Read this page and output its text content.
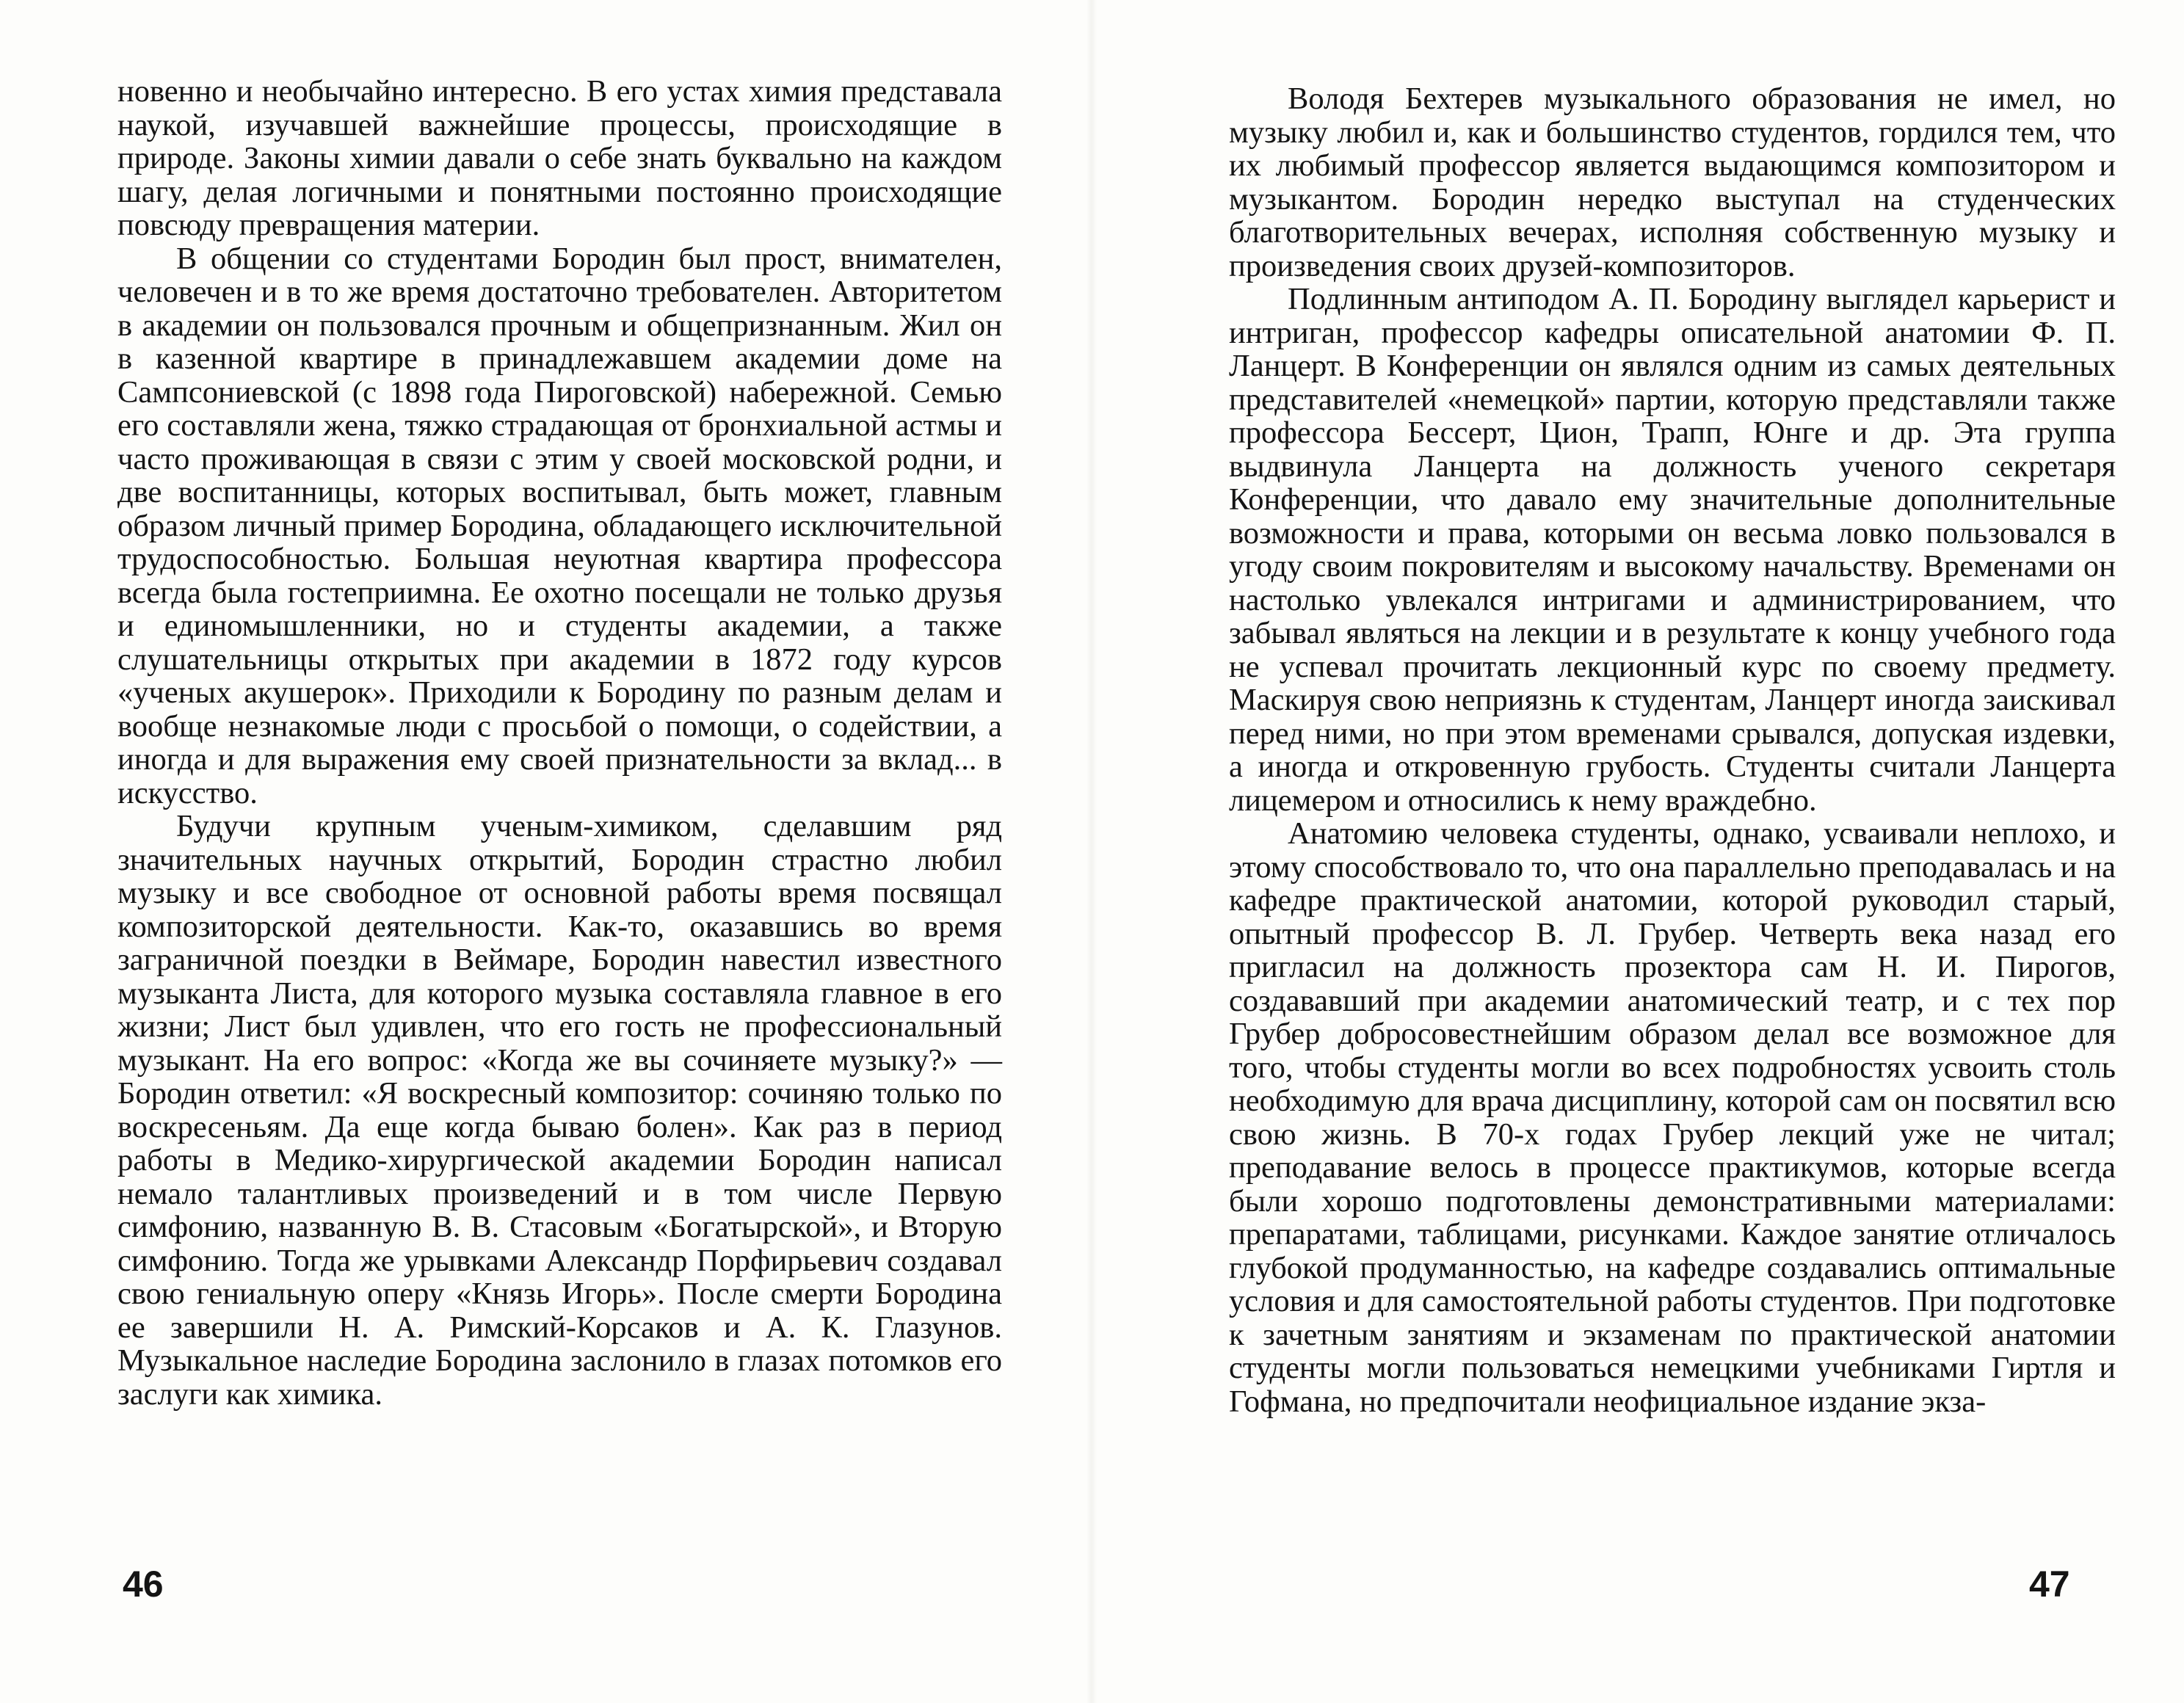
новенно и необычайно интересно. В его устах химия представала наукой, изучавшей важнейшие процессы, происходящие в природе. Законы химии давали о себе знать буквально на каждом шагу, делая логичными и понятными постоянно происходящие повсюду превращения материи.

В общении со студентами Бородин был прост, внимателен, человечен и в то же время достаточно требователен. Авторитетом в академии он пользовался прочным и общепризнанным. Жил он в казенной квартире в принадлежавшем академии доме на Сампсониевской (с 1898 года Пироговской) набережной. Семью его составляли жена, тяжко страдающая от бронхиальной астмы и часто проживающая в связи с этим у своей московской родни, и две воспитанницы, которых воспитывал, быть может, главным образом личный пример Бородина, обладающего исключительной трудоспособностью. Большая неуютная квартира профессора всегда была гостеприимна. Ее охотно посещали не только друзья и единомышленники, но и студенты академии, а также слушательницы открытых при академии в 1872 году курсов «ученых акушерок». Приходили к Бородину по разным делам и вообще незнакомые люди с просьбой о помощи, о содействии, а иногда и для выражения ему своей признательности за вклад... в искусство.

Будучи крупным ученым-химиком, сделавшим ряд значительных научных открытий, Бородин страстно любил музыку и все свободное от основной работы время посвящал композиторской деятельности. Как-то, оказавшись во время заграничной поездки в Веймаре, Бородин навестил известного музыканта Листа, для которого музыка составляла главное в его жизни; Лист был удивлен, что его гость не профессиональный музыкант. На его вопрос: «Когда же вы сочиняете музыку?» — Бородин ответил: «Я воскресный композитор: сочиняю только по воскресеньям. Да еще когда бываю болен». Как раз в период работы в Медико-хирургической академии Бородин написал немало талантливых произведений и в том числе Первую симфонию, названную В. В. Стасовым «Богатырской», и Вторую симфонию. Тогда же урывками Александр Порфирьевич создавал свою гениальную оперу «Князь Игорь». После смерти Бородина ее завершили Н. А. Римский-Корсаков и А. К. Глазунов. Музыкальное наследие Бородина заслонило в глазах потомков его заслуги как химика.

46

Володя Бехтерев музыкального образования не имел, но музыку любил и, как и большинство студентов, гордился тем, что их любимый профессор является выдающимся композитором и музыкантом. Бородин нередко выступал на студенческих благотворительных вечерах, исполняя собственную музыку и произведения своих друзей-композиторов.

Подлинным антиподом А. П. Бородину выглядел карьерист и интриган, профессор кафедры описательной анатомии Ф. П. Ланцерт. В Конференции он являлся одним из самых деятельных представителей «немецкой» партии, которую представляли также профессора Бессерт, Цион, Трапп, Юнге и др. Эта группа выдвинула Ланцерта на должность ученого секретаря Конференции, что давало ему значительные дополнительные возможности и права, которыми он весьма ловко пользовался в угоду своим покровителям и высокому начальству. Временами он настолько увлекался интригами и администрированием, что забывал являться на лекции и в результате к концу учебного года не успевал прочитать лекционный курс по своему предмету. Маскируя свою неприязнь к студентам, Ланцерт иногда заискивал перед ними, но при этом временами срывался, допуская издевки, а иногда и откровенную грубость. Студенты считали Ланцерта лицемером и относились к нему враждебно.

Анатомию человека студенты, однако, усваивали неплохо, и этому способствовало то, что она параллельно преподавалась и на кафедре практической анатомии, которой руководил старый, опытный профессор В. Л. Грубер. Четверть века назад его пригласил на должность прозектора сам Н. И. Пирогов, создававший при академии анатомический театр, и с тех пор Грубер добросовестнейшим образом делал все возможное для того, чтобы студенты могли во всех подробностях усвоить столь необходимую для врача дисциплину, которой сам он посвятил всю свою жизнь. В 70-х годах Грубер лекций уже не читал; преподавание велось в процессе практикумов, которые всегда были хорошо подготовлены демонстративными материалами: препаратами, таблицами, рисунками. Каждое занятие отличалось глубокой продуманностью, на кафедре создавались оптимальные условия и для самостоятельной работы студентов. При подготовке к зачетным занятиям и экзаменам по практической анатомии студенты могли пользоваться немецкими учебниками Гиртля и Гофмана, но предпочитали неофициальное издание экза-

47
